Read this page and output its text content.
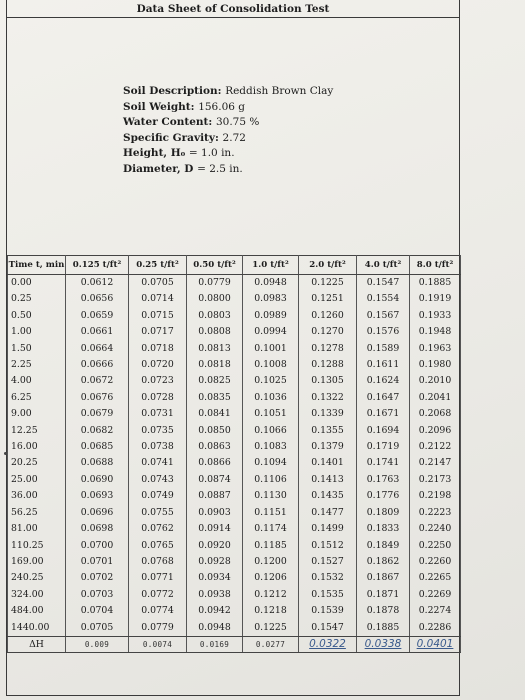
Data Sheet of Consolidation Test
Soil Description: Reddish Brown Clay
Soil Weight: 156.06 g
Water Content: 30.75 %
Specific Gravity: 2.72
Height, H₀ = 1.0 in.
Diameter, D = 2.5 in.
Time t, min	0.125 t/ft²	0.25 t/ft²	0.50 t/ft²	1.0 t/ft²	2.0 t/ft²	4.0 t/ft²	8.0 t/ft²
0.00	0.0612	0.0705	0.0779	0.0948	0.1225	0.1547	0.1885
0.25	0.0656	0.0714	0.0800	0.0983	0.1251	0.1554	0.1919
0.50	0.0659	0.0715	0.0803	0.0989	0.1260	0.1567	0.1933
1.00	0.0661	0.0717	0.0808	0.0994	0.1270	0.1576	0.1948
1.50	0.0664	0.0718	0.0813	0.1001	0.1278	0.1589	0.1963
2.25	0.0666	0.0720	0.0818	0.1008	0.1288	0.1611	0.1980
4.00	0.0672	0.0723	0.0825	0.1025	0.1305	0.1624	0.2010
6.25	0.0676	0.0728	0.0835	0.1036	0.1322	0.1647	0.2041
9.00	0.0679	0.0731	0.0841	0.1051	0.1339	0.1671	0.2068
12.25	0.0682	0.0735	0.0850	0.1066	0.1355	0.1694	0.2096
16.00	0.0685	0.0738	0.0863	0.1083	0.1379	0.1719	0.2122
20.25	0.0688	0.0741	0.0866	0.1094	0.1401	0.1741	0.2147
25.00	0.0690	0.0743	0.0874	0.1106	0.1413	0.1763	0.2173
36.00	0.0693	0.0749	0.0887	0.1130	0.1435	0.1776	0.2198
56.25	0.0696	0.0755	0.0903	0.1151	0.1477	0.1809	0.2223
81.00	0.0698	0.0762	0.0914	0.1174	0.1499	0.1833	0.2240
110.25	0.0700	0.0765	0.0920	0.1185	0.1512	0.1849	0.2250
169.00	0.0701	0.0768	0.0928	0.1200	0.1527	0.1862	0.2260
240.25	0.0702	0.0771	0.0934	0.1206	0.1532	0.1867	0.2265
324.00	0.0703	0.0772	0.0938	0.1212	0.1535	0.1871	0.2269
484.00	0.0704	0.0774	0.0942	0.1218	0.1539	0.1878	0.2274
1440.00	0.0705	0.0779	0.0948	0.1225	0.1547	0.1885	0.2286
ΔH	0.009	0.0074	0.0169	0.0277	0.0322	0.0338	0.0401
